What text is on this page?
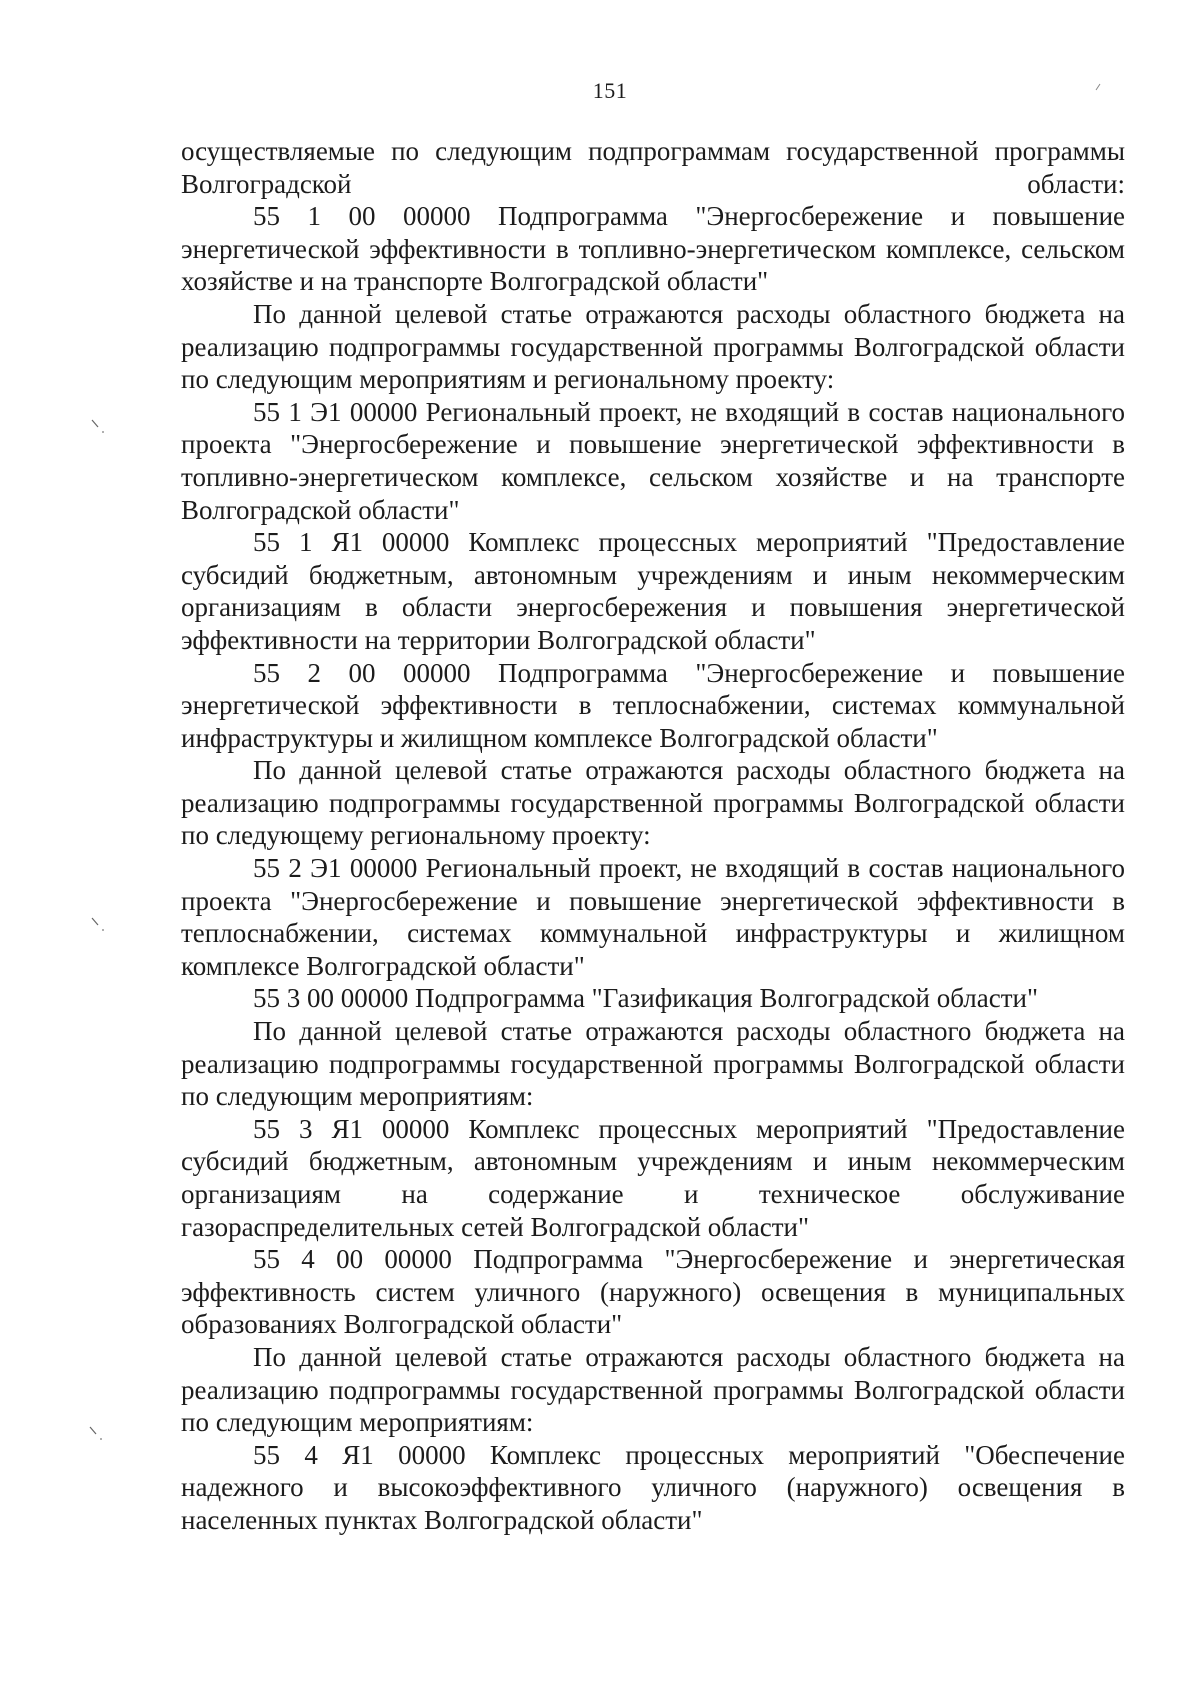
151

осуществляемые по следующим подпрограммам государственной программы Волгоградской области:

55 1 00 00000 Подпрограмма "Энергосбережение и повышение энергетической эффективности в топливно-энергетическом комплексе, сельском хозяйстве и на транспорте Волгоградской области"

По данной целевой статье отражаются расходы областного бюджета на реализацию подпрограммы государственной программы Волгоградской области по следующим мероприятиям и региональному проекту:

55 1 Э1 00000 Региональный проект, не входящий в состав национального проекта "Энергосбережение и повышение энергетической эффективности в топливно-энергетическом комплексе, сельском хозяйстве и на транспорте Волгоградской области"

55 1 Я1 00000 Комплекс процессных мероприятий "Предоставление субсидий бюджетным, автономным учреждениям и иным некоммерческим организациям в области энергосбережения и повышения энергетической эффективности на территории Волгоградской области"

55 2 00 00000 Подпрограмма "Энергосбережение и повышение энергетической эффективности в теплоснабжении, системах коммунальной инфраструктуры и жилищном комплексе Волгоградской области"

По данной целевой статье отражаются расходы областного бюджета на реализацию подпрограммы государственной программы Волгоградской области по следующему региональному проекту:

55 2 Э1 00000 Региональный проект, не входящий в состав национального проекта "Энергосбережение и повышение энергетической эффективности в теплоснабжении, системах коммунальной инфраструктуры и жилищном комплексе Волгоградской области"

55 3 00 00000 Подпрограмма "Газификация Волгоградской области"

По данной целевой статье отражаются расходы областного бюджета на реализацию подпрограммы государственной программы Волгоградской области по следующим мероприятиям:

55 3 Я1 00000 Комплекс процессных мероприятий "Предоставление субсидий бюджетным, автономным учреждениям и иным некоммерческим организациям на содержание и техническое обслуживание газораспределительных сетей Волгоградской области"

55 4 00 00000 Подпрограмма "Энергосбережение и энергетическая эффективность систем уличного (наружного) освещения в муниципальных образованиях Волгоградской области"

По данной целевой статье отражаются расходы областного бюджета на реализацию подпрограммы государственной программы Волгоградской области по следующим мероприятиям:

55 4 Я1 00000 Комплекс процессных мероприятий "Обеспечение надежного и высокоэффективного уличного (наружного) освещения в населенных пунктах Волгоградской области"
